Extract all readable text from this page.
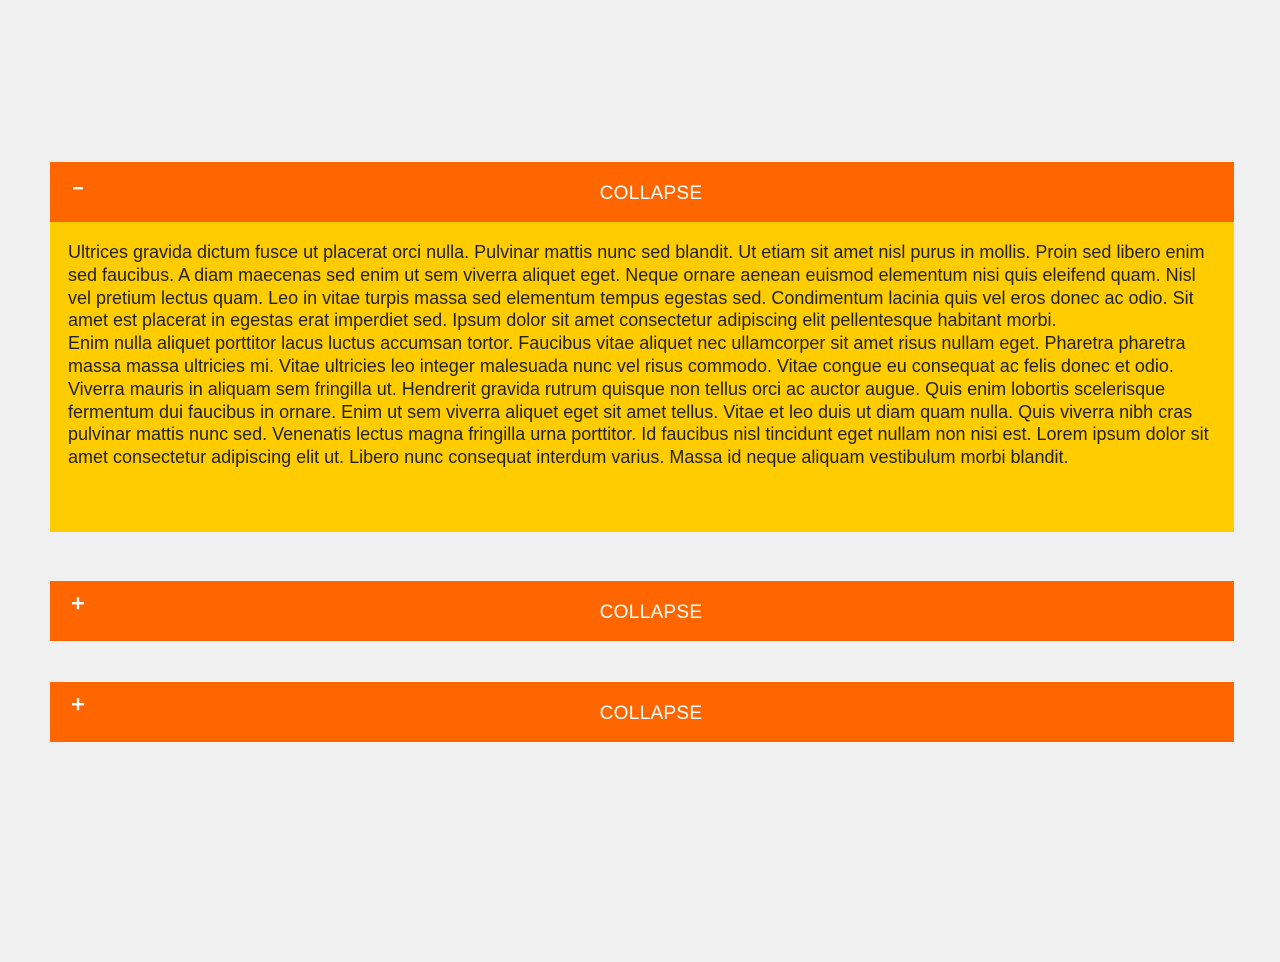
COLLAPSE

Ultrices gravida dictum fusce ut placerat orci nulla. Pulvinar mattis nunc sed blandit. Ut etiam sit amet nisl purus in mollis. Proin sed libero enim sed faucibus. A diam maecenas sed enim ut sem viverra aliquet eget. Neque ornare aenean euismod elementum nisi quis eleifend quam. Nisl vel pretium lectus quam. Leo in vitae turpis massa sed elementum tempus egestas sed. Condimentum lacinia quis vel eros donec ac odio. Sit amet est placerat in egestas erat imperdiet sed. Ipsum dolor sit amet consectetur adipiscing elit pellentesque habitant morbi.

Enim nulla aliquet porttitor lacus luctus accumsan tortor. Faucibus vitae aliquet nec ullamcorper sit amet risus nullam eget. Pharetra pharetra massa massa ultricies mi. Vitae ultricies leo integer malesuada nunc vel risus commodo. Vitae congue eu consequat ac felis donec et odio. Viverra mauris in aliquam sem fringilla ut. Hendrerit gravida rutrum quisque non tellus orci ac auctor augue. Quis enim lobortis scelerisque fermentum dui faucibus in ornare. Enim ut sem viverra aliquet eget sit amet tellus. Vitae et leo duis ut diam quam nulla. Quis viverra nibh cras pulvinar mattis nunc sed. Venenatis lectus magna fringilla urna porttitor. Id faucibus nisl tincidunt eget nullam non nisi est. Lorem ipsum dolor sit amet consectetur adipiscing elit ut. Libero nunc consequat interdum varius. Massa id neque aliquam vestibulum morbi blandit.

COLLAPSE
COLLAPSE
